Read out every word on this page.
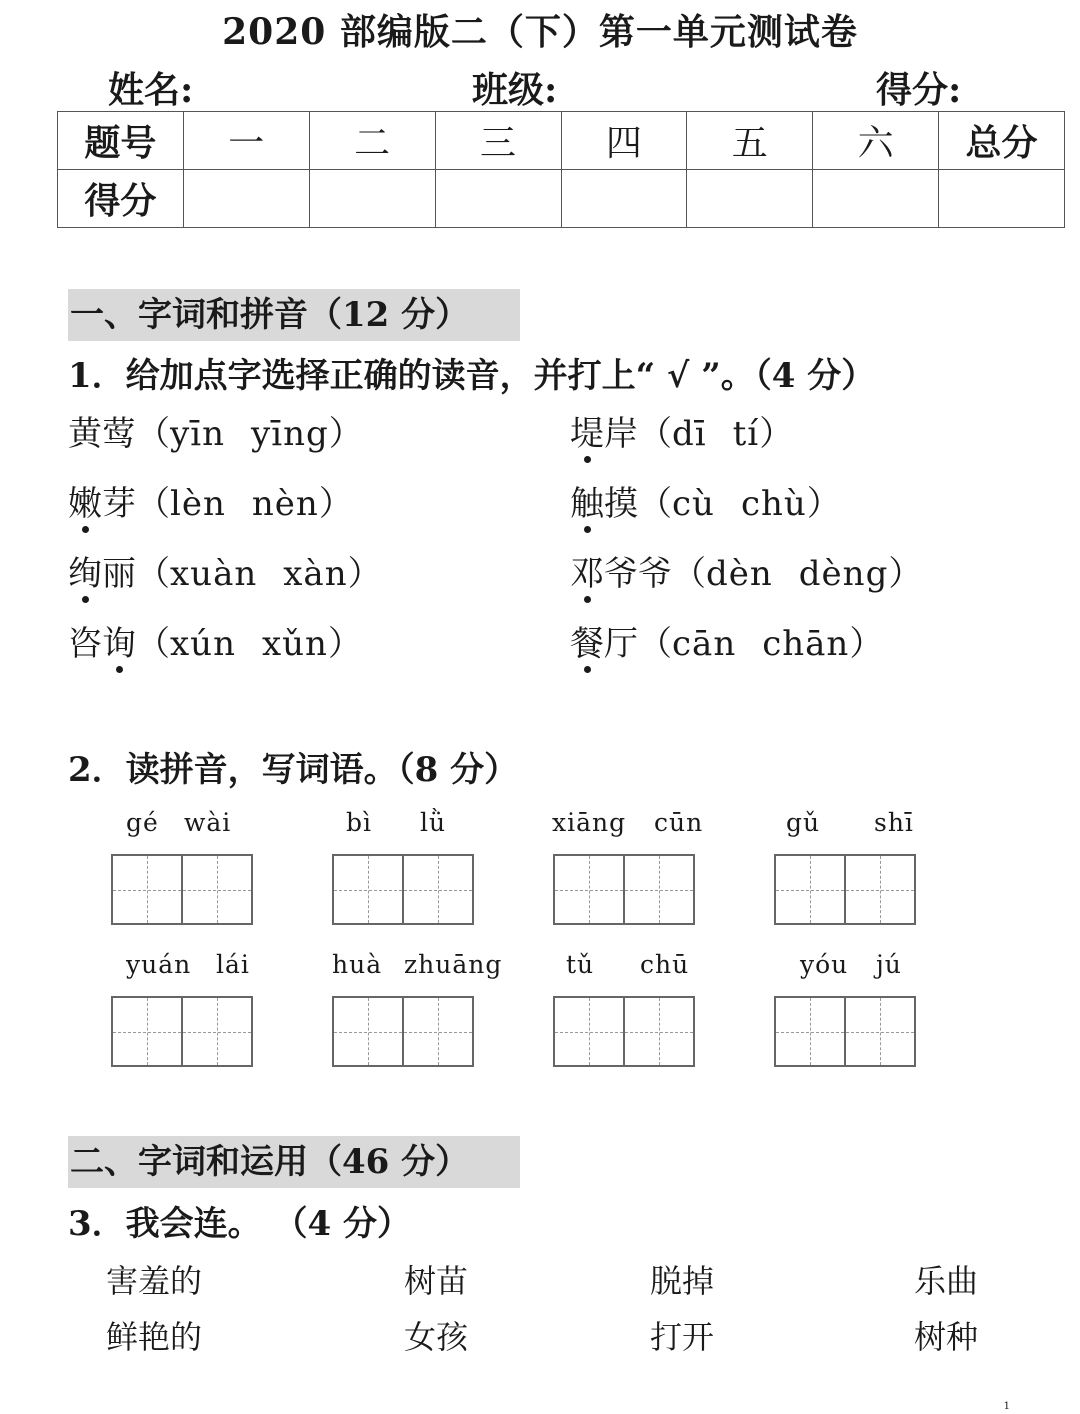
2020 部编版二（下）第一单元测试卷
姓名:	班级:	得分:
题号	一	二	三	四	五	六	总分
得分							
一、字词和拼音（12 分）
1．给加点字选择正确的读音，并打上“ √ ”。（4 分）
黄莺（yīn yīng）	堤岸（dī tí）
嫩芽（lèn nèn）	触摸（cù chù）
绚丽（xuàn xàn）	邓爷爷（dèn dèng）
咨询（xún xǔn）	餐厅（cān chān）
2．读拼音，写词语。（8 分）
gé wài	bì lǜ	xiāng cūn	gǔ shī
yuán lái	huà zhuāng	tǔ chū	yóu jú
二、字词和运用（46 分）
3．我会连。 （4 分）
害羞的	树苗	脱掉	乐曲
鲜艳的	女孩	打开	树种
1
